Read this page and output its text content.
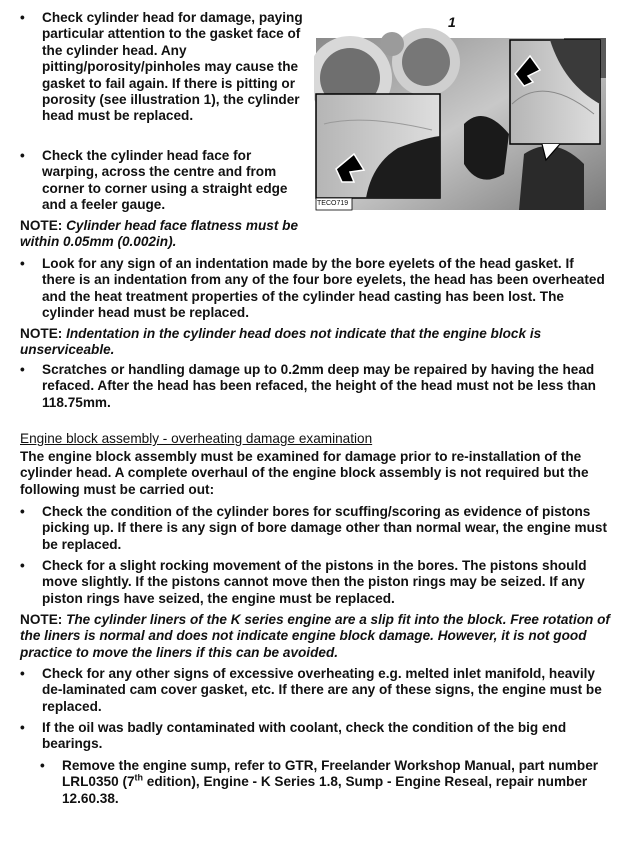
• Check cylinder head for damage, paying particular attention to the gasket face of the cylinder head. Any pitting/porosity/pinholes may cause the gasket to fail again. If there is pitting or porosity (see illustration 1), the cylinder head must be replaced.

• Check the cylinder head face for warping, across the centre and from corner to corner using a straight edge and a feeler gauge.

1
TECO719

NOTE: Cylinder head face flatness must be within 0.05mm (0.002in).

• Look for any sign of an indentation made by the bore eyelets of the head gasket. If there is an indentation from any of the four bore eyelets, the head has been overheated and the heat treatment properties of the cylinder head casting has been lost. The cylinder head must be replaced.

NOTE: Indentation in the cylinder head does not indicate that the engine block is unserviceable.

• Scratches or handling damage up to 0.2mm deep may be repaired by having the head refaced. After the head has been refaced, the height of the head must not be less than 118.75mm.

Engine block assembly - overheating damage examination

The engine block assembly must be examined for damage prior to re-installation of the cylinder head. A complete overhaul of the engine block assembly is not required but the following must be carried out:

• Check the condition of the cylinder bores for scuffing/scoring as evidence of pistons picking up. If there is any sign of bore damage other than normal wear, the engine must be replaced.

• Check for a slight rocking movement of the pistons in the bores. The pistons should move slightly. If the pistons cannot move then the piston rings may be seized. If any piston rings have seized, the engine must be replaced.

NOTE: The cylinder liners of the K series engine are a slip fit into the block. Free rotation of the liners is normal and does not indicate engine block damage. However, it is not good practice to move the liners if this can be avoided.

• Check for any other signs of excessive overheating e.g. melted inlet manifold, heavily de-laminated cam cover gasket, etc. If there are any of these signs, the engine must be replaced.

• If the oil was badly contaminated with coolant, check the condition of the big end bearings.

• Remove the engine sump, refer to GTR, Freelander Workshop Manual, part number LRL0350 (7th edition), Engine - K Series 1.8, Sump - Engine Reseal, repair number 12.60.38.
